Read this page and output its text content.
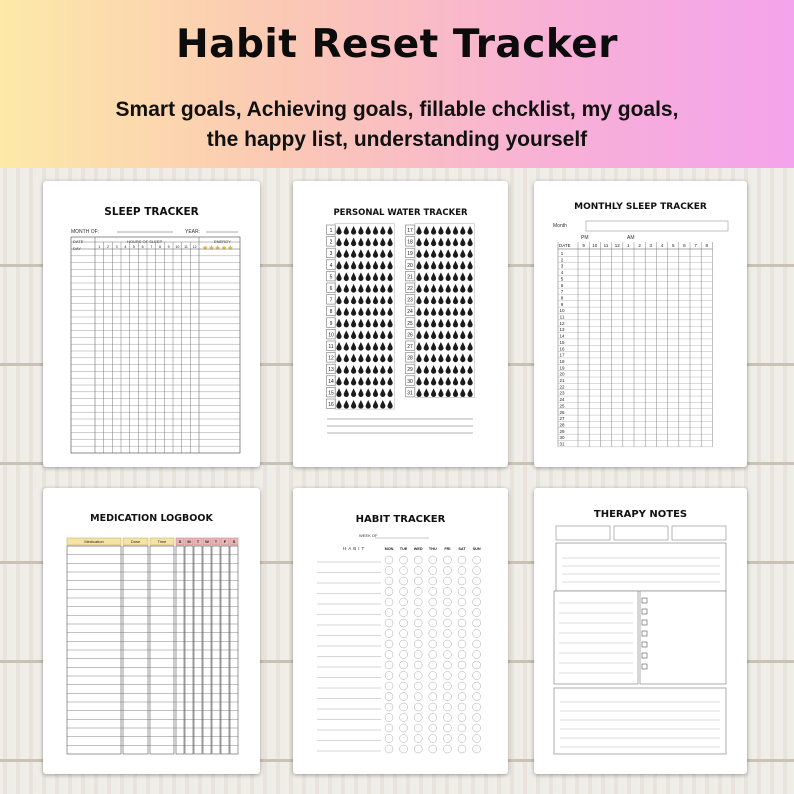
Habit Reset Tracker
Smart goals, Achieving goals, fillable chcklist, my goals,
the happy list, understanding yourself
SLEEP TRACKER
MONTH OF:	YEAR:
DATE
DAY
HOURS OF SLEEP	ENERGY
★★★★★
1 2 3 4 5 6 7 8 9 10 11 12
PERSONAL WATER TRACKER
1
2
3
4
5
6
7
8
9
10
11
12
13
14
15
16
17
18
19
20
21
22
23
24
25
26
27
28
29
30
31
MONTHLY SLEEP TRACKER
Month
PM	AM
DATE	9 10 11 12 1 2 3 4 5 6 7 8
1
2
3
4
5
6
7
8
9
10
11
12
13
14
15
16
17
18
19
20
21
22
23
24
25
26
27
28
29
30
31
MEDICATION LOGBOOK
Medication	Dose	Time	S M T W T F S
HABIT TRACKER
WEEK OF
HABIT	MON TUE WED THU FRI SAT SUN
THERAPY NOTES
